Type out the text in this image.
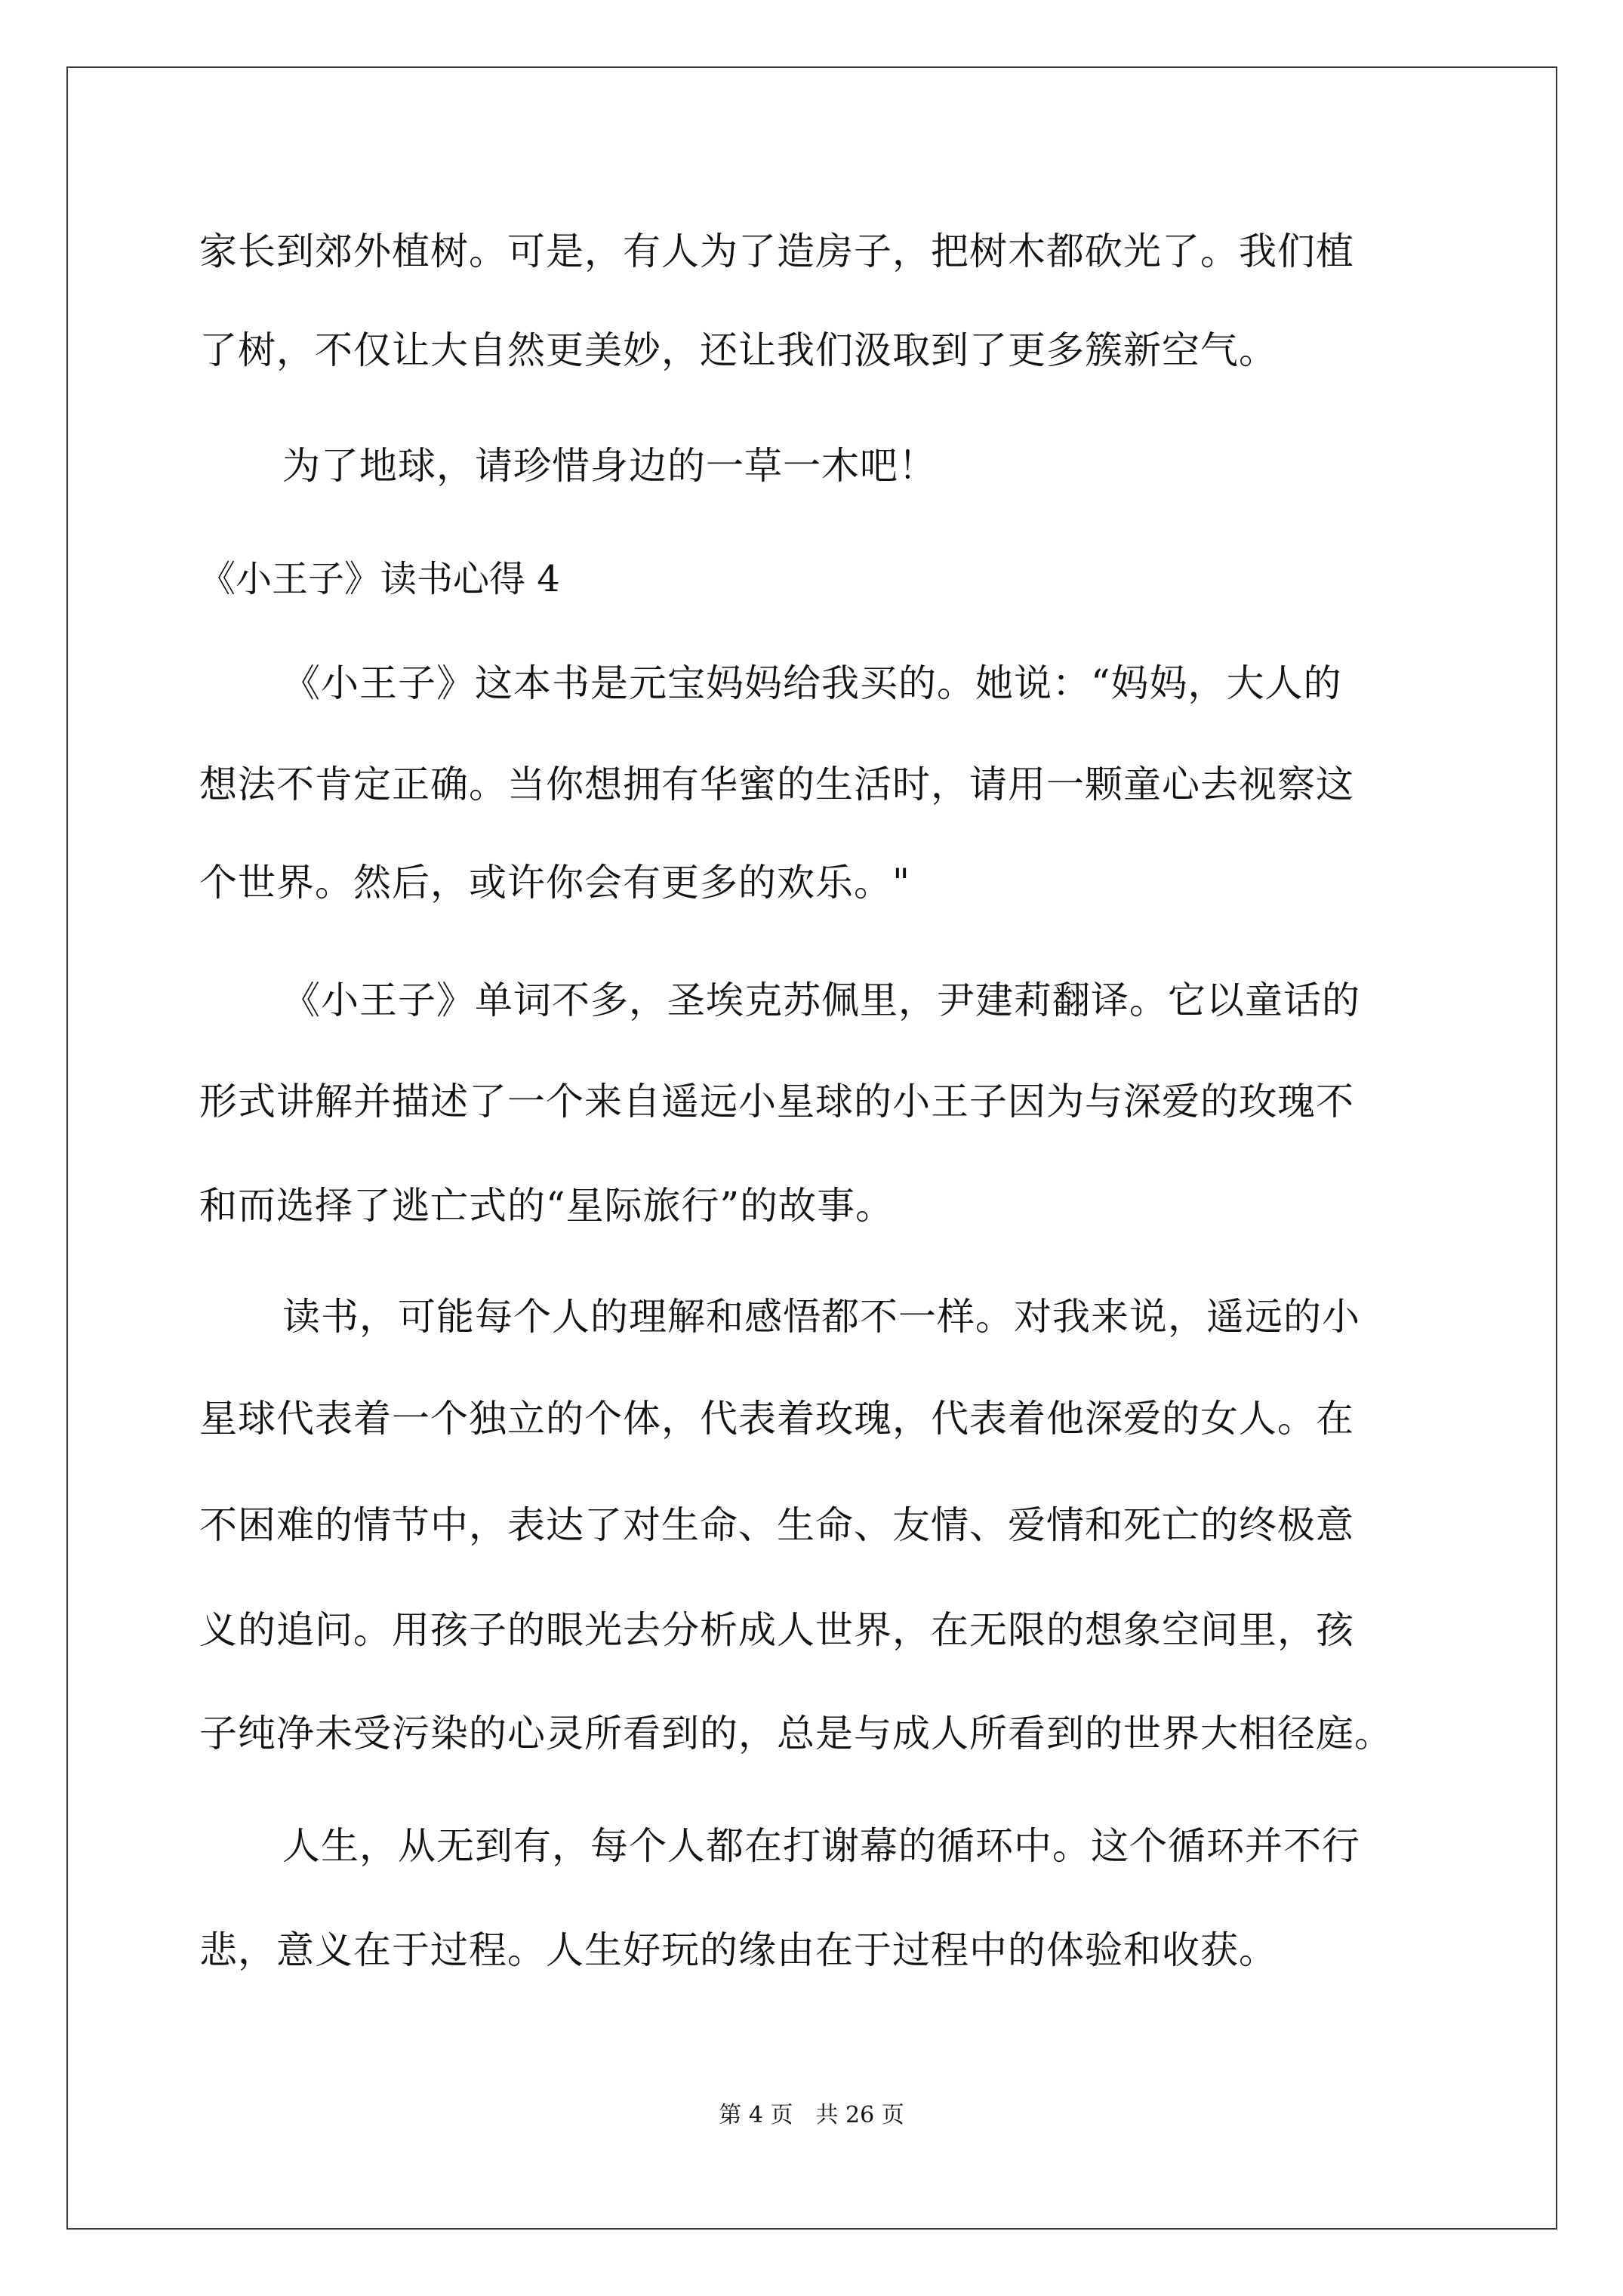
家长到郊外植树。可是，有人为了造房子，把树木都砍光了。我们植
了树，不仅让大自然更美妙，还让我们汲取到了更多簇新空气。
为了地球，请珍惜身边的一草一木吧！
《小王子》读书心得 4
《小王子》这本书是元宝妈妈给我买的。她说：“妈妈，大人的
想法不肯定正确。当你想拥有华蜜的生活时，请用一颗童心去视察这
个世界。然后，或许你会有更多的欢乐。"
《小王子》单词不多，圣埃克苏佩里，尹建莉翻译。它以童话的
形式讲解并描述了一个来自遥远小星球的小王子因为与深爱的玫瑰不
和而选择了逃亡式的“星际旅行”的故事。
读书，可能每个人的理解和感悟都不一样。对我来说，遥远的小
星球代表着一个独立的个体，代表着玫瑰，代表着他深爱的女人。在
不困难的情节中，表达了对生命、生命、友情、爱情和死亡的终极意
义的追问。用孩子的眼光去分析成人世界，在无限的想象空间里，孩
子纯净未受污染的心灵所看到的，总是与成人所看到的世界大相径庭。
人生，从无到有，每个人都在打谢幕的循环中。这个循环并不行
悲，意义在于过程。人生好玩的缘由在于过程中的体验和收获。
第 4 页　共 26 页
